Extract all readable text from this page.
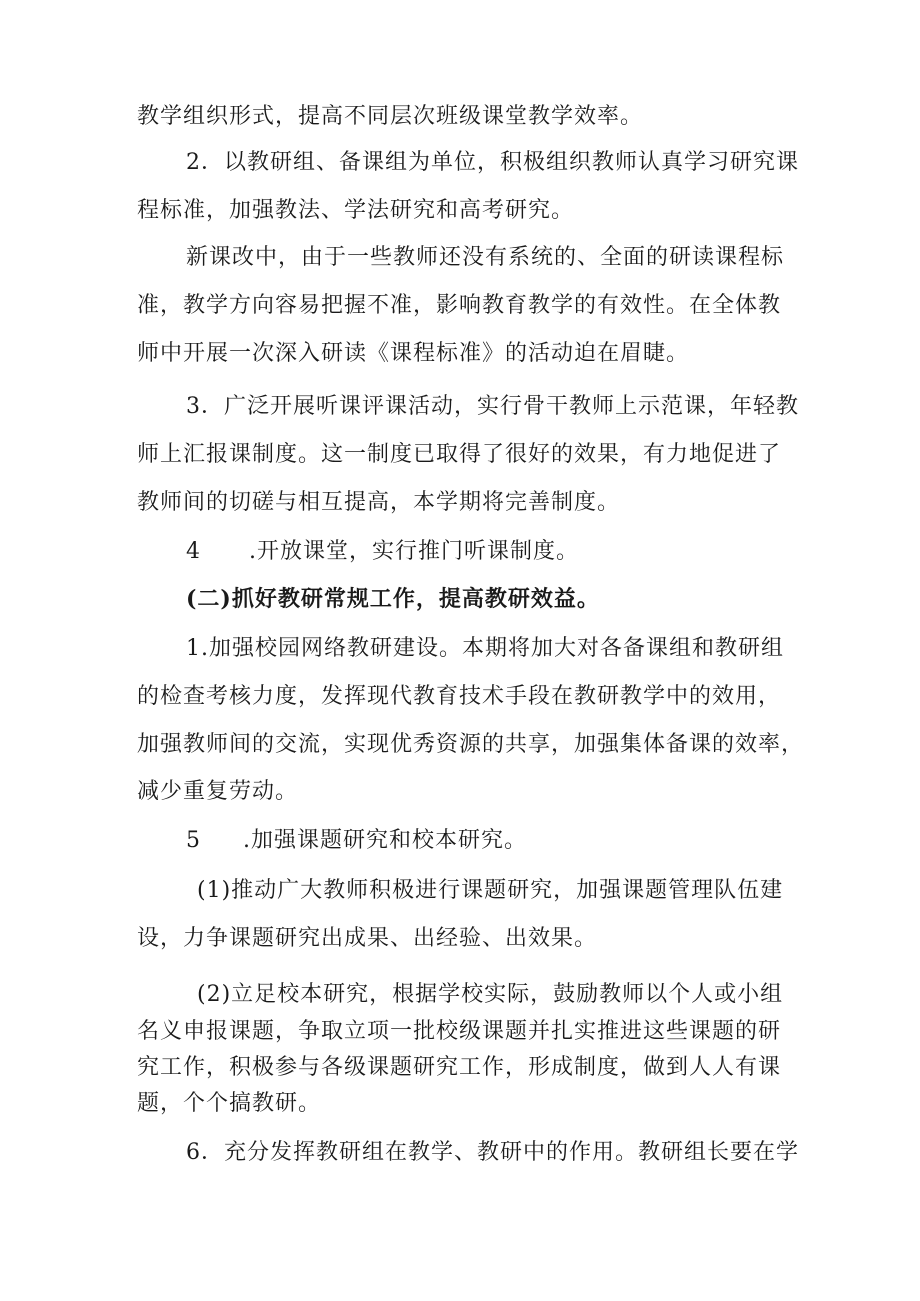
教学组织形式，提高不同层次班级课堂教学效率。
2．以教研组、备课组为单位，积极组织教师认真学习研究课
程标准，加强教法、学法研究和高考研究。
新课改中，由于一些教师还没有系统的、全面的研读课程标
准，教学方向容易把握不准，影响教育教学的有效性。在全体教
师中开展一次深入研读《课程标准》的活动迫在眉睫。
3．广泛开展听课评课活动，实行骨干教师上示范课，年轻教
师上汇报课制度。这一制度已取得了很好的效果，有力地促进了
教师间的切磋与相互提高，本学期将完善制度。
4 .开放课堂，实行推门听课制度。
(二)抓好教研常规工作，提高教研效益。
1.加强校园网络教研建设。本期将加大对各备课组和教研组
的检查考核力度，发挥现代教育技术手段在教研教学中的效用，
加强教师间的交流，实现优秀资源的共享，加强集体备课的效率，
减少重复劳动。
5 .加强课题研究和校本研究。
(1)推动广大教师积极进行课题研究，加强课题管理队伍建
设，力争课题研究出成果、出经验、出效果。
(2)立足校本研究，根据学校实际，鼓励教师以个人或小组
名义申报课题，争取立项一批校级课题并扎实推进这些课题的研
究工作，积极参与各级课题研究工作，形成制度，做到人人有课
题，个个搞教研。
6．充分发挥教研组在教学、教研中的作用。教研组长要在学
